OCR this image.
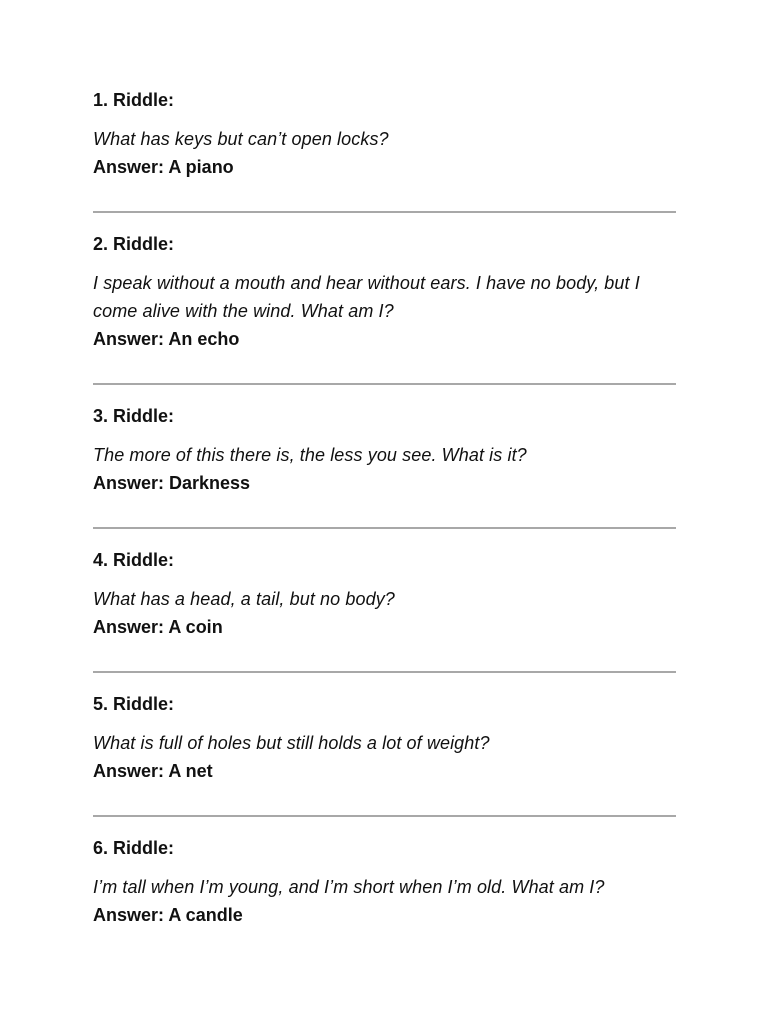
1. Riddle:

What has keys but can’t open locks?

Answer: A piano

2. Riddle:

I speak without a mouth and hear without ears. I have no body, but I come alive with the wind. What am I?

Answer: An echo

3. Riddle:

The more of this there is, the less you see. What is it?

Answer: Darkness

4. Riddle:

What has a head, a tail, but no body?

Answer: A coin

5. Riddle:

What is full of holes but still holds a lot of weight?

Answer: A net

6. Riddle:

I’m tall when I’m young, and I’m short when I’m old. What am I?

Answer: A candle
